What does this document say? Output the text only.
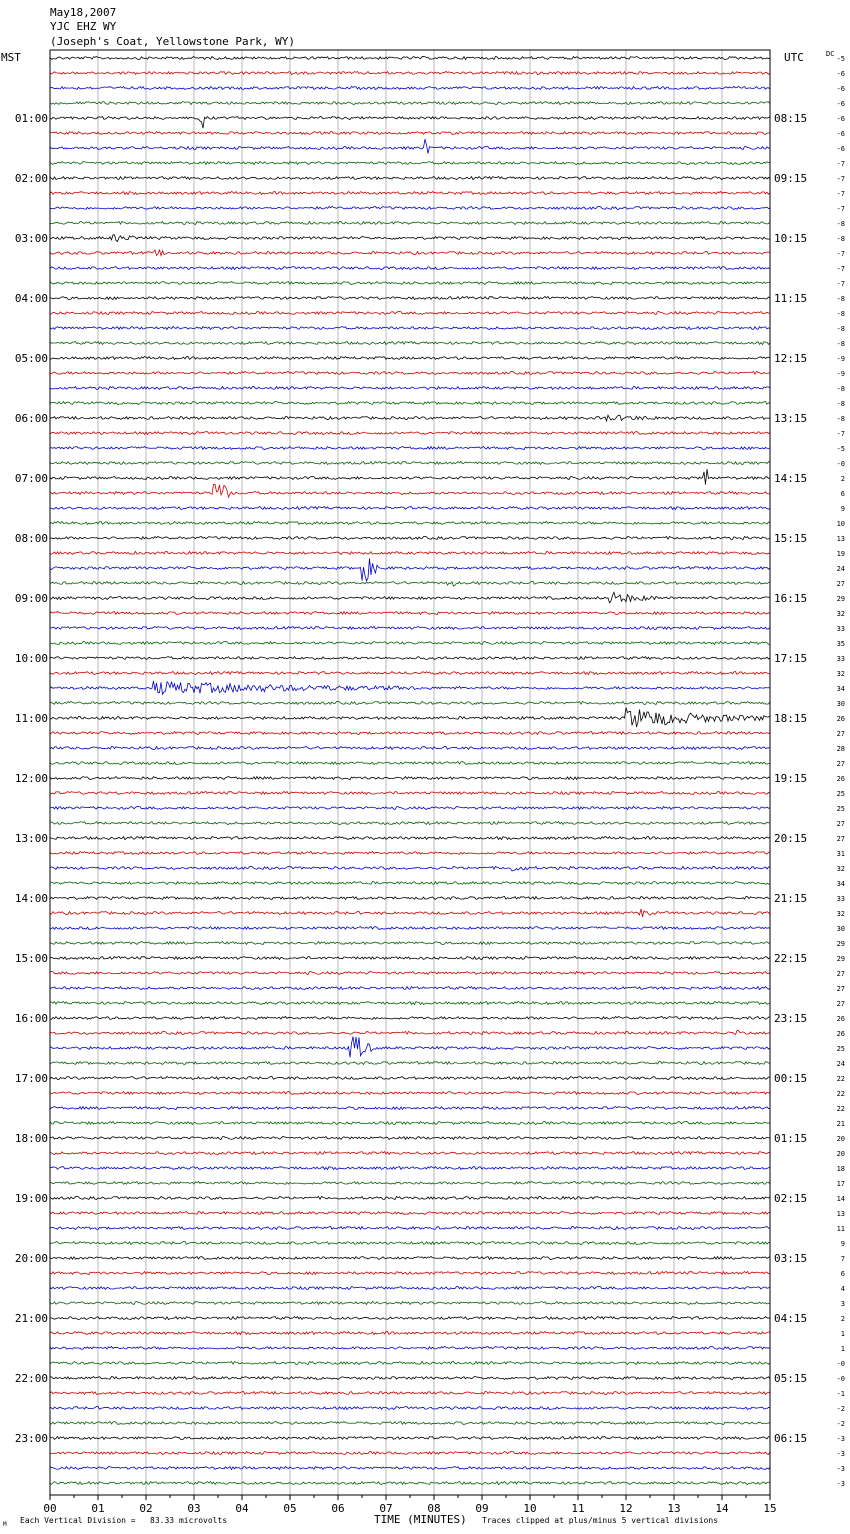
May18,2007
YJC EHZ WY
(Joseph's Coat, Yellowstone Park, WY)
MST	UTC	DC
TIME (MINUTES)
Each Vertical Division =   83.33 microvolts	Traces clipped at plus/minus 5 vertical divisions
M
00	01	02	03	04	05	06	07	08	09	10	11	12	13	14	15
-5
-6
-6
-6
-6
-6
-6
-7
-7
-7
-7
-8
-8
-7
-7
-7
-8
-8
-8
-8
-9
-9
-8
-8
-8
-7
-5
-0
2
6
9
10
13
19
24
27
29
32
33
35
33
32
34
30
26
27
28
27
26
25
25
27
27
31
32
34
33
32
30
29
29
27
27
27
26
26
25
24
22
22
22
21
20
20
18
17
14
13
11
9
7
6
4
3
2
1
1
-0
-0
-1
-2
-2
-3
-3
-3
-3
01:00	08:15
02:00	09:15
03:00	10:15
04:00	11:15
05:00	12:15
06:00	13:15
07:00	14:15
08:00	15:15
09:00	16:15
10:00	17:15
11:00	18:15
12:00	19:15
13:00	20:15
14:00	21:15
15:00	22:15
16:00	23:15
17:00	00:15
18:00	01:15
19:00	02:15
20:00	03:15
21:00	04:15
22:00	05:15
23:00	06:15
